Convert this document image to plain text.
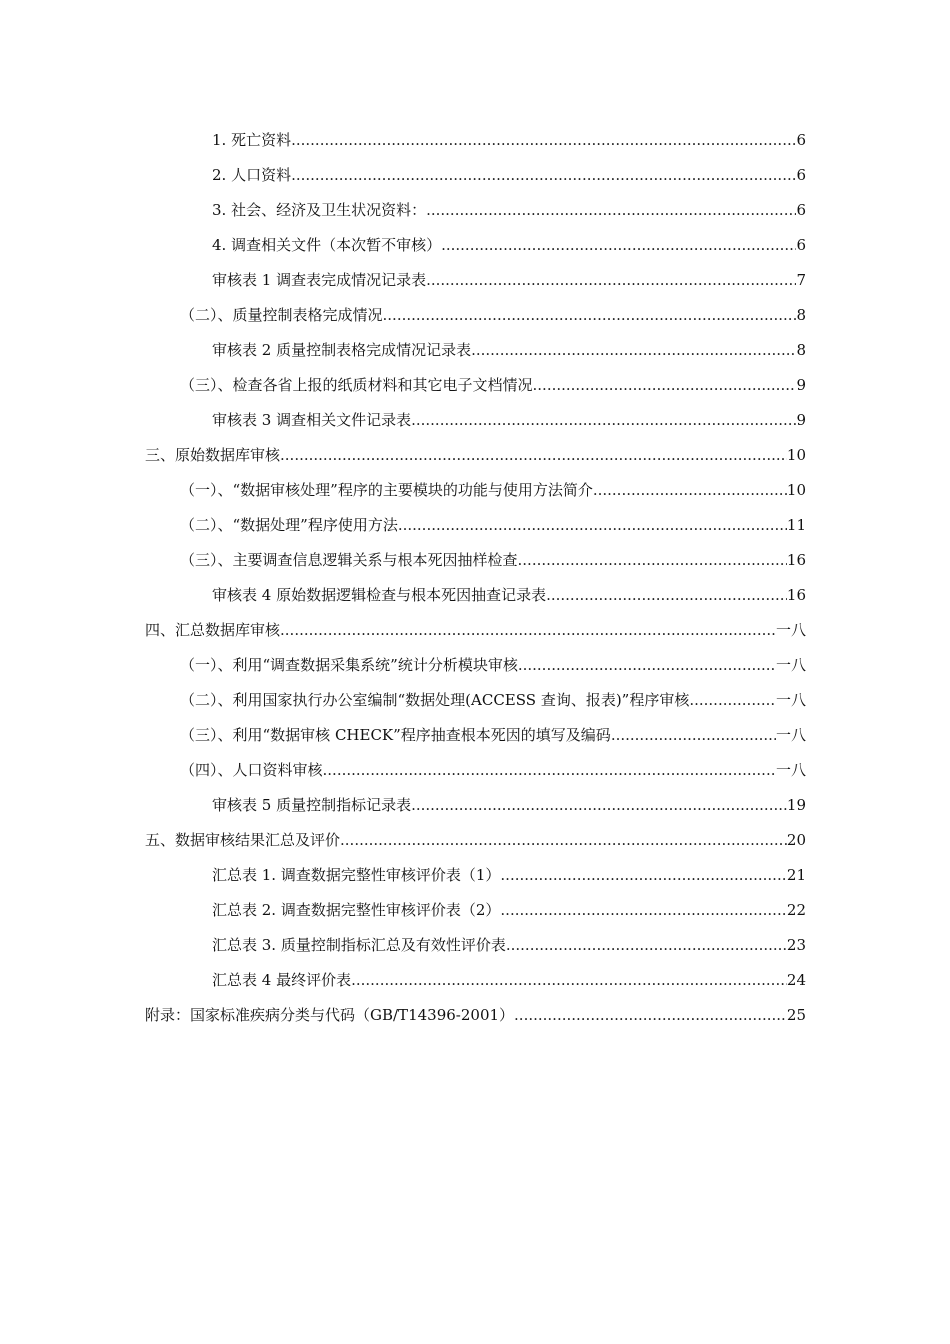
1. 死亡资料 .....	6
2. 人口资料 .....	6
3. 社会、经济及卫生状况资料： .....	6
4. 调查相关文件（本次暂不审核） .....	6
审核表 1 调查表完成情况记录表 .....	7
（二）、质量控制表格完成情况 .....	8
审核表 2 质量控制表格完成情况记录表 .....	8
（三）、检查各省上报的纸质材料和其它电子文档情况 .....	9
审核表 3 调查相关文件记录表 .....	9
三、原始数据库审核 .....	10
（一）、“数据审核处理”程序的主要模块的功能与使用方法简介 .....	10
（二）、“数据处理”程序使用方法 .....	11
（三）、主要调查信息逻辑关系与根本死因抽样检查 .....	16
审核表 4 原始数据逻辑检查与根本死因抽查记录表 .....	16
四、汇总数据库审核 .....	一八
（一）、利用“调查数据采集系统”统计分析模块审核 .....	一八
（二）、利用国家执行办公室编制“数据处理(ACCESS 查询、报表)”程序审核 .....	一八
（三）、利用“数据审核 CHECK”程序抽查根本死因的填写及编码 .....	一八
（四）、人口资料审核 .....	一八
审核表 5 质量控制指标记录表 .....	19
五、数据审核结果汇总及评价 .....	20
汇总表 1. 调查数据完整性审核评价表（1） .....	21
汇总表 2. 调查数据完整性审核评价表（2） .....	22
汇总表 3. 质量控制指标汇总及有效性评价表 .....	23
汇总表 4 最终评价表 .....	24
附录：国家标准疾病分类与代码（GB/T14396-2001） .....	25
